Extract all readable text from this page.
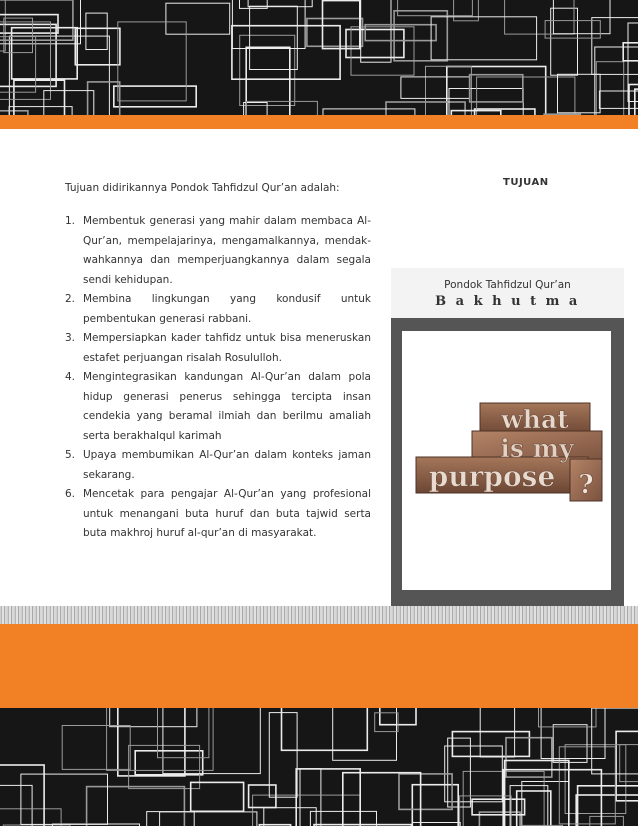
Tujuan didirikannya Pondok Tahfidzul Qur’an adalah:

1. Membentuk generasi yang mahir dalam membaca Al-Qur’an, mempelajarinya, mengamalkannya, mendak-wahkannya dan memperjuangkannya dalam segala sendi kehidupan.
2. Membina lingkungan yang kondusif untuk pembentukan generasi rabbani.
3. Mempersiapkan kader tahfidz untuk bisa meneruskan estafet perjuangan risalah Rosululloh.
4. Mengintegrasikan kandungan Al-Qur’an dalam pola hidup generasi penerus sehingga tercipta insan cendekia yang beramal ilmiah dan berilmu amaliah serta berakhalqul karimah
5. Upaya membumikan Al-Qur’an dalam konteks jaman sekarang.
6. Mencetak para pengajar Al-Qur’an yang profesional untuk menangani buta huruf dan buta tajwid serta buta makhroj huruf al-qur’an di masyarakat.
TUJUAN
Pondok Tahfidzul Qur’an
B a k h u t m a
what
is my
purpose ?
